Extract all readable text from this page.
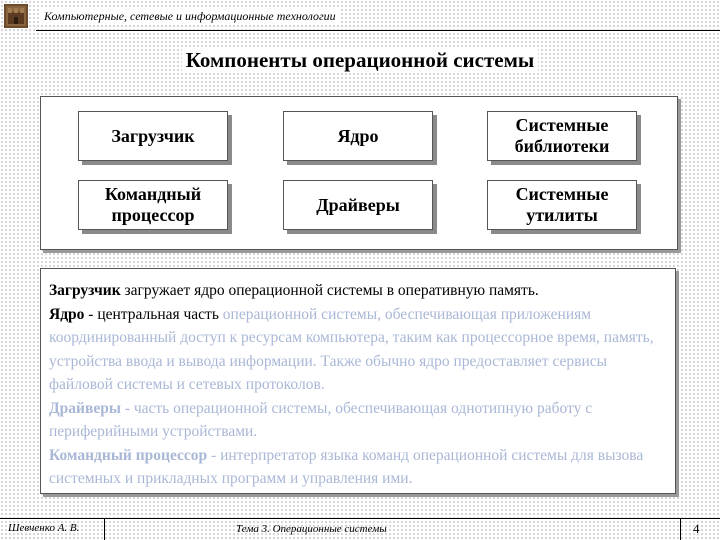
Компьютерные, сетевые и информационные технологии
Компоненты операционной системы
Загрузчик	Ядро
Системные
библиотеки
Командный
процессор
Драйверы
Системные
утилиты

Загрузчик загружает ядро операционной системы в оперативную память.

Ядро - центральная часть операционной системы, обеспечивающая приложениям координированный доступ к ресурсам компьютера, таким как процессорное время, память, устройства ввода и вывода информации. Также обычно ядро предоставляет сервисы файловой системы и сетевых протоколов.

Драйверы - часть операционной системы, обеспечивающая однотипную работу с периферийными устройствами.

Командный процессор - интерпретатор языка команд операционной системы для вызова системных и прикладных программ и управления ими.

Шевченко А. В.	Тема 3. Операционные системы	4
